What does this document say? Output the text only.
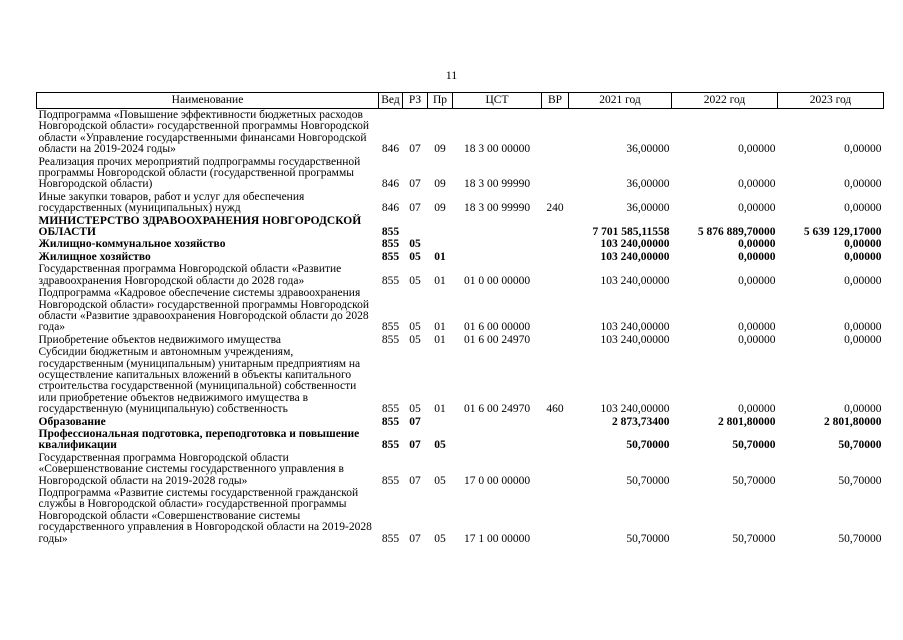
11
Наименование	Вед	РЗ	Пр	ЦСТ	ВР	2021 год	2022 год	2023 год
Подпрограмма «Повышение эффективности бюджетных расходов Новгородской области» государственной программы Новгородской области «Управление государственными финансами Новгородской области на 2019-2024 годы»	846	07	09	18 3 00 00000		36,00000	0,00000	0,00000
Реализация прочих мероприятий подпрограммы государственной программы Новгородской области (государственной программы Новгородской области)	846	07	09	18 3 00 99990		36,00000	0,00000	0,00000
Иные закупки товаров, работ и услуг для обеспечения государственных (муниципальных) нужд	846	07	09	18 3 00 99990	240	36,00000	0,00000	0,00000
МИНИСТЕРСТВО ЗДРАВООХРАНЕНИЯ НОВГОРОДСКОЙ ОБЛАСТИ	855					7 701 585,11558	5 876 889,70000	5 639 129,17000
Жилищно-коммунальное хозяйство	855	05				103 240,00000	0,00000	0,00000
Жилищное хозяйство	855	05	01			103 240,00000	0,00000	0,00000
Государственная программа Новгородской области «Развитие здравоохранения Новгородской области до 2028 года»	855	05	01	01 0 00 00000		103 240,00000	0,00000	0,00000
Подпрограмма «Кадровое обеспечение системы здравоохранения Новгородской области» государственной программы Новгородской области «Развитие здравоохранения Новгородской области до 2028 года»	855	05	01	01 6 00 00000		103 240,00000	0,00000	0,00000
Приобретение объектов недвижимого имущества	855	05	01	01 6 00 24970		103 240,00000	0,00000	0,00000
Субсидии бюджетным и автономным учреждениям, государственным (муниципальным) унитарным предприятиям на осуществление капитальных вложений в объекты капитального строительства государственной (муниципальной) собственности или приобретение объектов недвижимого имущества в государственную (муниципальную) собственность	855	05	01	01 6 00 24970	460	103 240,00000	0,00000	0,00000
Образование	855	07				2 873,73400	2 801,80000	2 801,80000
Профессиональная подготовка, переподготовка и повышение квалификации	855	07	05			50,70000	50,70000	50,70000
Государственная программа Новгородской области «Совершенствование системы государственного управления в Новгородской области на 2019-2028 годы»	855	07	05	17 0 00 00000		50,70000	50,70000	50,70000
Подпрограмма «Развитие системы государственной гражданской службы в Новгородской области» государственной программы Новгородской области «Совершенствование системы государственного управления в Новгородской области на 2019-2028 годы»	855	07	05	17 1 00 00000		50,70000	50,70000	50,70000
